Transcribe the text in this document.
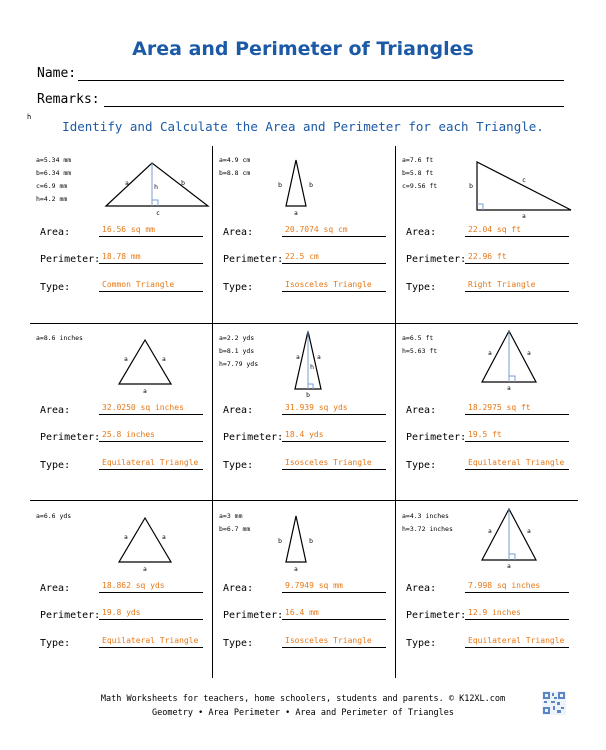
Area and Perimeter of Triangles
Name:
Remarks:
h
Identify and Calculate the Area and Perimeter for each Triangle.
a=5.34 mm
b=6.34 mm
c=6.9 mm
h=4.2 mm
a	b
c
h
Area:	16.56 sq mm
Perimeter: 18.78 mm
Type:	Common Triangle
a=4.9 cm
b=8.8 cm
b	b
a
Area:	20.7074 sq cm
Perimeter: 22.5 cm
Type:	Isosceles Triangle
a=7.6 ft
b=5.8 ft
c=9.56 ft
c
b
a
Area:	22.04 sq ft
Perimeter: 22.96 ft
Type:	Right Triangle
a=8.6 inches
a	a
a
Area:	32.0250 sq inches
Perimeter: 25.8 inches
Type:	Equilateral Triangle
a=2.2 yds
b=8.1 yds
h=7.79 yds
a	a
h
b
Area:	31.939 sq yds
Perimeter: 18.4 yds
Type:	Isosceles Triangle
a=6.5 ft
h=5.63 ft	a	a
a
Area:	18.2975 sq ft
Perimeter: 19.5 ft
Type:	Equilateral Triangle
a=6.6 yds
a	a
a
Area:	18.862 sq yds
Perimeter: 19.8 yds
Type:	Equilateral Triangle
a=3 mm
b=6.7 mm
b	b
a
Area:	9.7949 sq mm
Perimeter: 16.4 mm
Type:	Isosceles Triangle
a=4.3 inches
h=3.72 inches	a	a
a
Area:	7.998 sq inches
Perimeter: 12.9 inches
Type:	Equilateral Triangle
Math Worksheets for teachers, home schoolers, students and parents. © K12XL.com
Geometry • Area Perimeter • Area and Perimeter of Triangles
